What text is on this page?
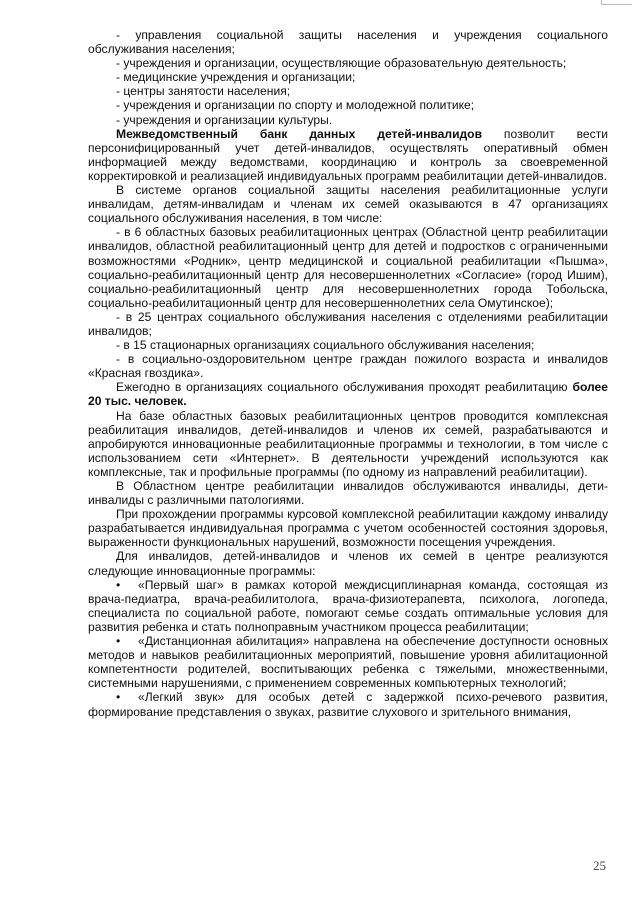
- управления социальной защиты населения и учреждения социального обслуживания населения;

- учреждения и организации, осуществляющие образовательную деятельность;

- медицинские учреждения и организации;

- центры занятости населения;

- учреждения и организации по спорту и молодежной политике;

- учреждения и организации культуры.

Межведомственный банк данных детей-инвалидов позволит вести персонифицированный учет детей-инвалидов, осуществлять оперативный обмен информацией между ведомствами, координацию и контроль за своевременной корректировкой и реализацией индивидуальных программ реабилитации детей-инвалидов.

В системе органов социальной защиты населения реабилитационные услуги инвалидам, детям-инвалидам и членам их семей оказываются в 47 организациях социального обслуживания населения, в том числе:

- в 6 областных базовых реабилитационных центрах (Областной центр реабилитации инвалидов, областной реабилитационный центр для детей и подростков с ограниченными возможностями «Родник», центр медицинской и социальной реабилитации «Пышма», социально-реабилитационный центр для несовершеннолетних «Согласие» (город Ишим), социально-реабилитационный центр для несовершеннолетних города Тобольска, социально-реабилитационный центр для несовершеннолетних села Омутинское);

- в 25 центрах социального обслуживания населения с отделениями реабилитации инвалидов;

- в 15 стационарных организациях социального обслуживания населения;

- в социально-оздоровительном центре граждан пожилого возраста и инвалидов «Красная гвоздика».

Ежегодно в организациях социального обслуживания проходят реабилитацию более 20 тыс. человек.

На базе областных базовых реабилитационных центров проводится комплексная реабилитация инвалидов, детей-инвалидов и членов их семей, разрабатываются и апробируются инновационные реабилитационные программы и технологии, в том числе с использованием сети «Интернет». В деятельности учреждений используются как комплексные, так и профильные программы (по одному из направлений реабилитации).

В Областном центре реабилитации инвалидов обслуживаются инвалиды, дети-инвалиды с различными патологиями.

При прохождении программы курсовой комплексной реабилитации каждому инвалиду разрабатывается индивидуальная программа с учетом особенностей состояния здоровья, выраженности функциональных нарушений, возможности посещения учреждения.

Для инвалидов, детей-инвалидов и членов их семей в центре реализуются следующие инновационные программы:

• «Первый шаг» в рамках которой междисциплинарная команда, состоящая из врача-педиатра, врача-реабилитолога, врача-физиотерапевта, психолога, логопеда, специалиста по социальной работе, помогают семье создать оптимальные условия для развития ребенка и стать полноправным участником процесса реабилитации;

• «Дистанционная абилитация» направлена на обеспечение доступности основных методов и навыков реабилитационных мероприятий, повышение уровня абилитационной компетентности родителей, воспитывающих ребенка с тяжелыми, множественными, системными нарушениями, с применением современных компьютерных технологий;

• «Легкий звук» для особых детей с задержкой психо-речевого развития, формирование представления о звуках, развитие слухового и зрительного внимания,

25
